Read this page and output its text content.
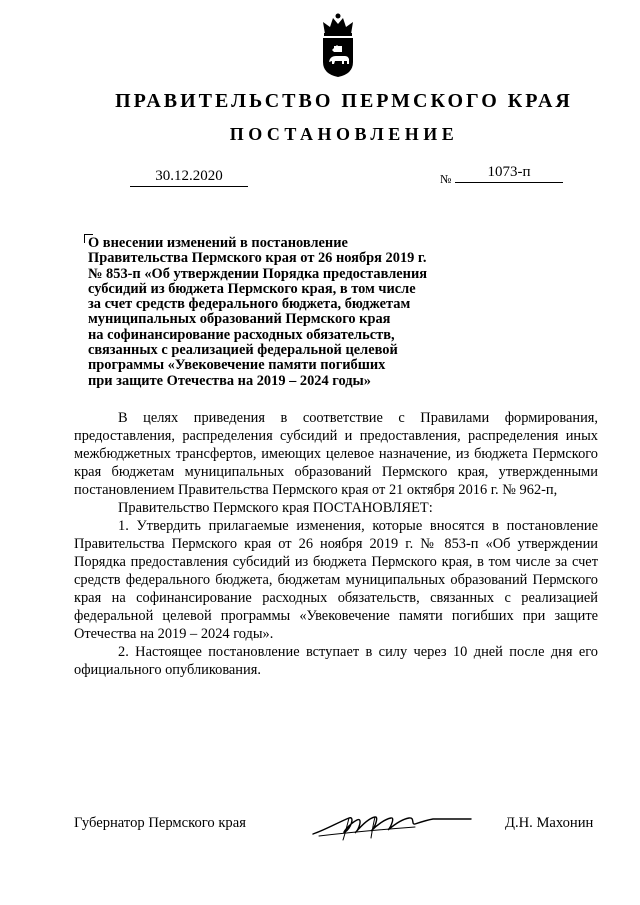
ПРАВИТЕЛЬСТВО ПЕРМСКОГО КРАЯ
ПОСТАНОВЛЕНИЕ
30.12.2020	№	1073-п
О внесении изменений в постановление
Правительства Пермского края от 26 ноября 2019 г.
№ 853-п «Об утверждении Порядка предоставления
субсидий из бюджета Пермского края, в том числе
за счет средств федерального бюджета, бюджетам
муниципальных образований Пермского края
на софинансирование расходных обязательств,
связанных с реализацией федеральной целевой
программы «Увековечение памяти погибших
при защите Отечества на 2019 – 2024 годы»

В целях приведения в соответствие с Правилами формирования, предоставления, распределения субсидий и предоставления, распределения иных межбюджетных трансфертов, имеющих целевое назначение, из бюджета Пермского края бюджетам муниципальных образований Пермского края, утвержденными постановлением Правительства Пермского края от 21 октября 2016 г. № 962-п,

Правительство Пермского края ПОСТАНОВЛЯЕТ:

1. Утвердить прилагаемые изменения, которые вносятся в постановление Правительства Пермского края от 26 ноября 2019 г. № 853-п «Об утверждении Порядка предоставления субсидий из бюджета Пермского края, в том числе за счет средств федерального бюджета, бюджетам муниципальных образований Пермского края на софинансирование расходных обязательств, связанных с реализацией федеральной целевой программы «Увековечение памяти погибших при защите Отечества на 2019 – 2024 годы».

2. Настоящее постановление вступает в силу через 10 дней после дня его официального опубликования.

Губернатор Пермского края	Д.Н. Махонин
